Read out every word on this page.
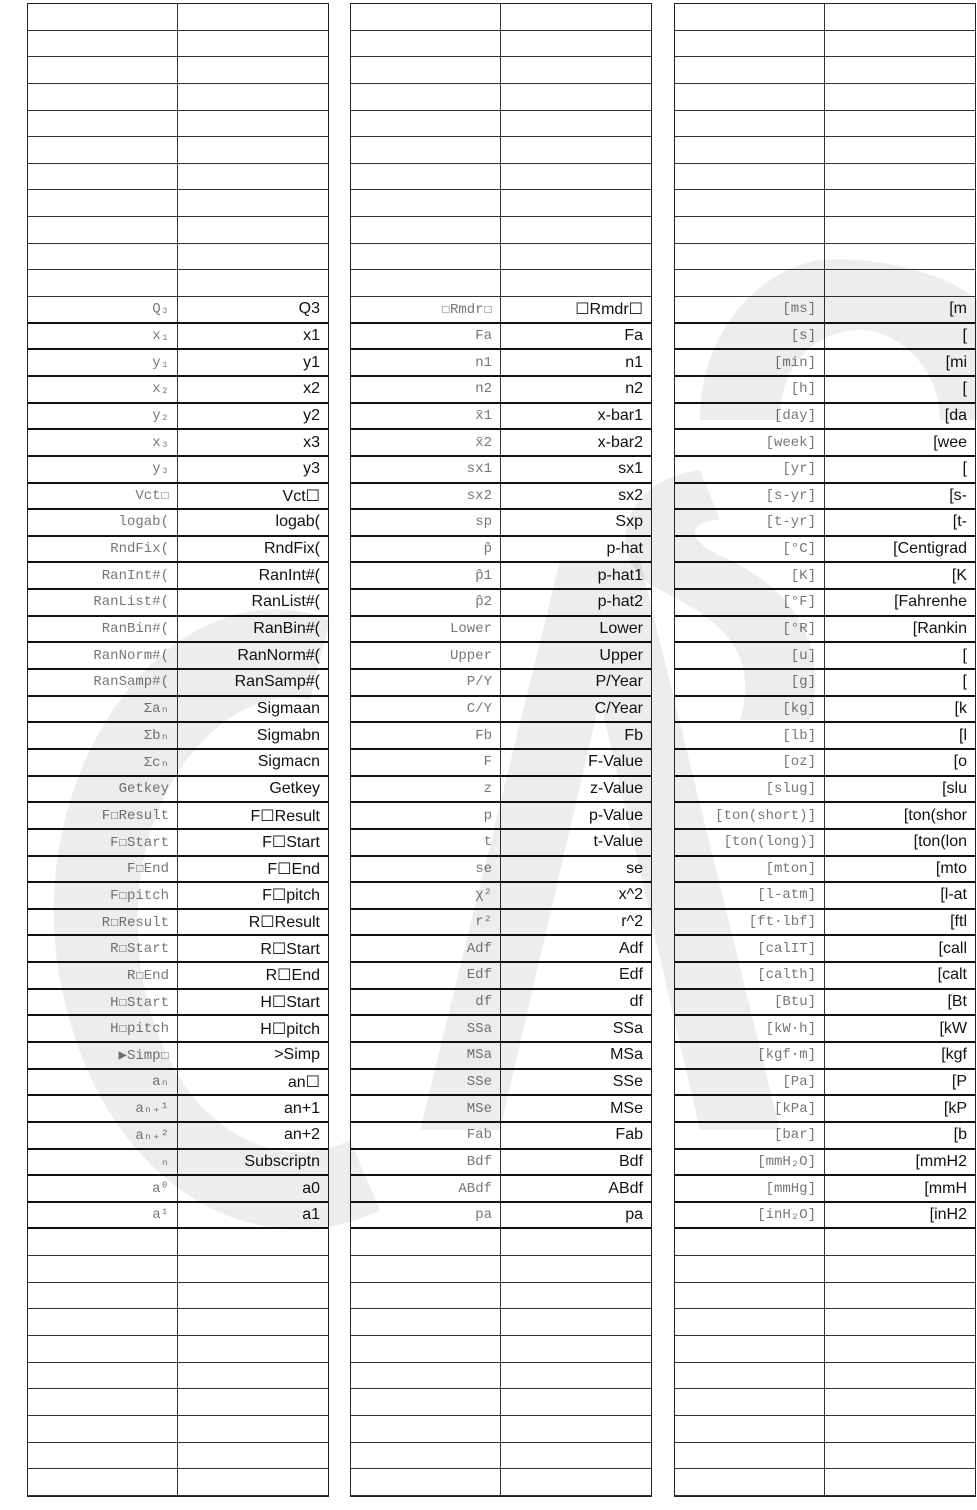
Q₃	Q3
x₁	x1
y₁	y1
x₂	x2
y₂	y2
x₃	x3
y₃	y3
Vct☐	Vct☐
logab(	logab(
RndFix(	RndFix(
RanInt#(	RanInt#(
RanList#(	RanList#(
RanBin#(	RanBin#(
RanNorm#(	RanNorm#(
RanSamp#(	RanSamp#(
Σaₙ	Sigmaan
Σbₙ	Sigmabn
Σcₙ	Sigmacn
Getkey	Getkey
F☐Result	F☐Result
F☐Start	F☐Start
F☐End	F☐End
F☐pitch	F☐pitch
R☐Result	R☐Result
R☐Start	R☐Start
R☐End	R☐End
H☐Start	H☐Start
H☐pitch	H☐pitch
▶Simp☐	>Simp
aₙ	an☐
aₙ₊¹	an+1
aₙ₊²	an+2
ₙ	Subscriptn
a⁰	a0
a¹	a1
☐Rmdr☐	☐Rmdr☐
Fa	Fa
n1	n1
n2	n2
x̄1	x-bar1
x̄2	x-bar2
sx1	sx1
sx2	sx2
sp	Sxp
p̂	p-hat
p̂1	p-hat1
p̂2	p-hat2
Lower	Lower
Upper	Upper
P/Y	P/Year
C/Y	C/Year
Fb	Fb
F	F-Value
z	z-Value
p	p-Value
t	t-Value
se	se
χ²	x^2
r²	r^2
Adf	Adf
Edf	Edf
df	df
SSa	SSa
MSa	MSa
SSe	SSe
MSe	MSe
Fab	Fab
Bdf	Bdf
ABdf	ABdf
pa	pa
[ms]	[m
[s]	[
[min]	[mi
[h]	[
[day]	[da
[week]	[wee
[yr]	[
[s-yr]	[s-
[t-yr]	[t-
[°C]	[Centigrad
[K]	[K
[°F]	[Fahrenhe
[°R]	[Rankin
[u]	[
[g]	[
[kg]	[k
[lb]	[l
[oz]	[o
[slug]	[slu
[ton(short)]	[ton(shor
[ton(long)]	[ton(lon
[mton]	[mto
[l-atm]	[l-at
[ft·lbf]	[ftl
[calIT]	[call
[calth]	[calt
[Btu]	[Bt
[kW·h]	[kW
[kgf·m]	[kgf
[Pa]	[P
[kPa]	[kP
[bar]	[b
[mmH₂O]	[mmH2
[mmHg]	[mmH
[inH₂O]	[inH2
